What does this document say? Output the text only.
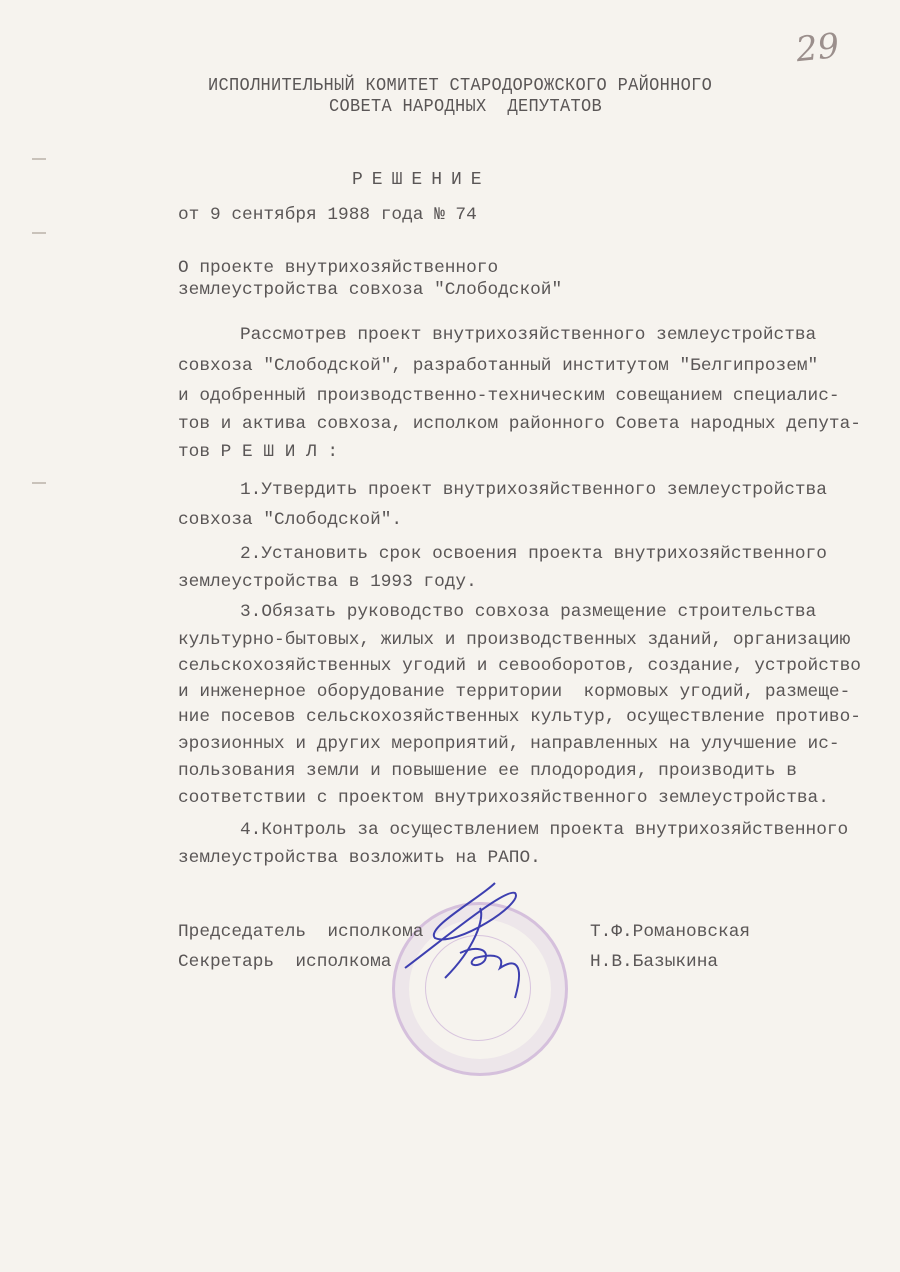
29
ИСПОЛНИТЕЛЬНЫЙ КОМИТЕТ СТАРОДОРОЖСКОГО РАЙОННОГО
СОВЕТА НАРОДНЫХ  ДЕПУТАТОВ
РЕШЕНИЕ
от 9 сентября 1988 года № 74
О проекте внутрихозяйственного
землеустройства совхоза "Слободской"
Рассмотрев проект внутрихозяйственного землеустройства
совхоза "Слободской", разработанный институтом "Белгипрозем"
и одобренный производственно-техническим совещанием специалис-
тов и актива совхоза, исполком районного Совета народных депута-
тов Р Е Ш И Л :
1.Утвердить проект внутрихозяйственного землеустройства
совхоза "Слободской".
2.Установить срок освоения проекта внутрихозяйственного
землеустройства в 1993 году.
3.Обязать руководство совхоза размещение строительства
культурно-бытовых, жилых и производственных зданий, организацию
сельскохозяйственных угодий и севооборотов, создание, устройство
и инженерное оборудование территории  кормовых угодий, размеще-
ние посевов сельскохозяйственных культур, осуществление противо-
эрозионных и других мероприятий, направленных на улучшение ис-
пользования земли и повышение ее плодородия, производить в
соответствии с проектом внутрихозяйственного землеустройства.
4.Контроль за осуществлением проекта внутрихозяйственного
землеустройства возложить на РАПО.
Председатель  исполкома	Т.Ф.Романовская
Секретарь  исполкома	Н.В.Базыкина
